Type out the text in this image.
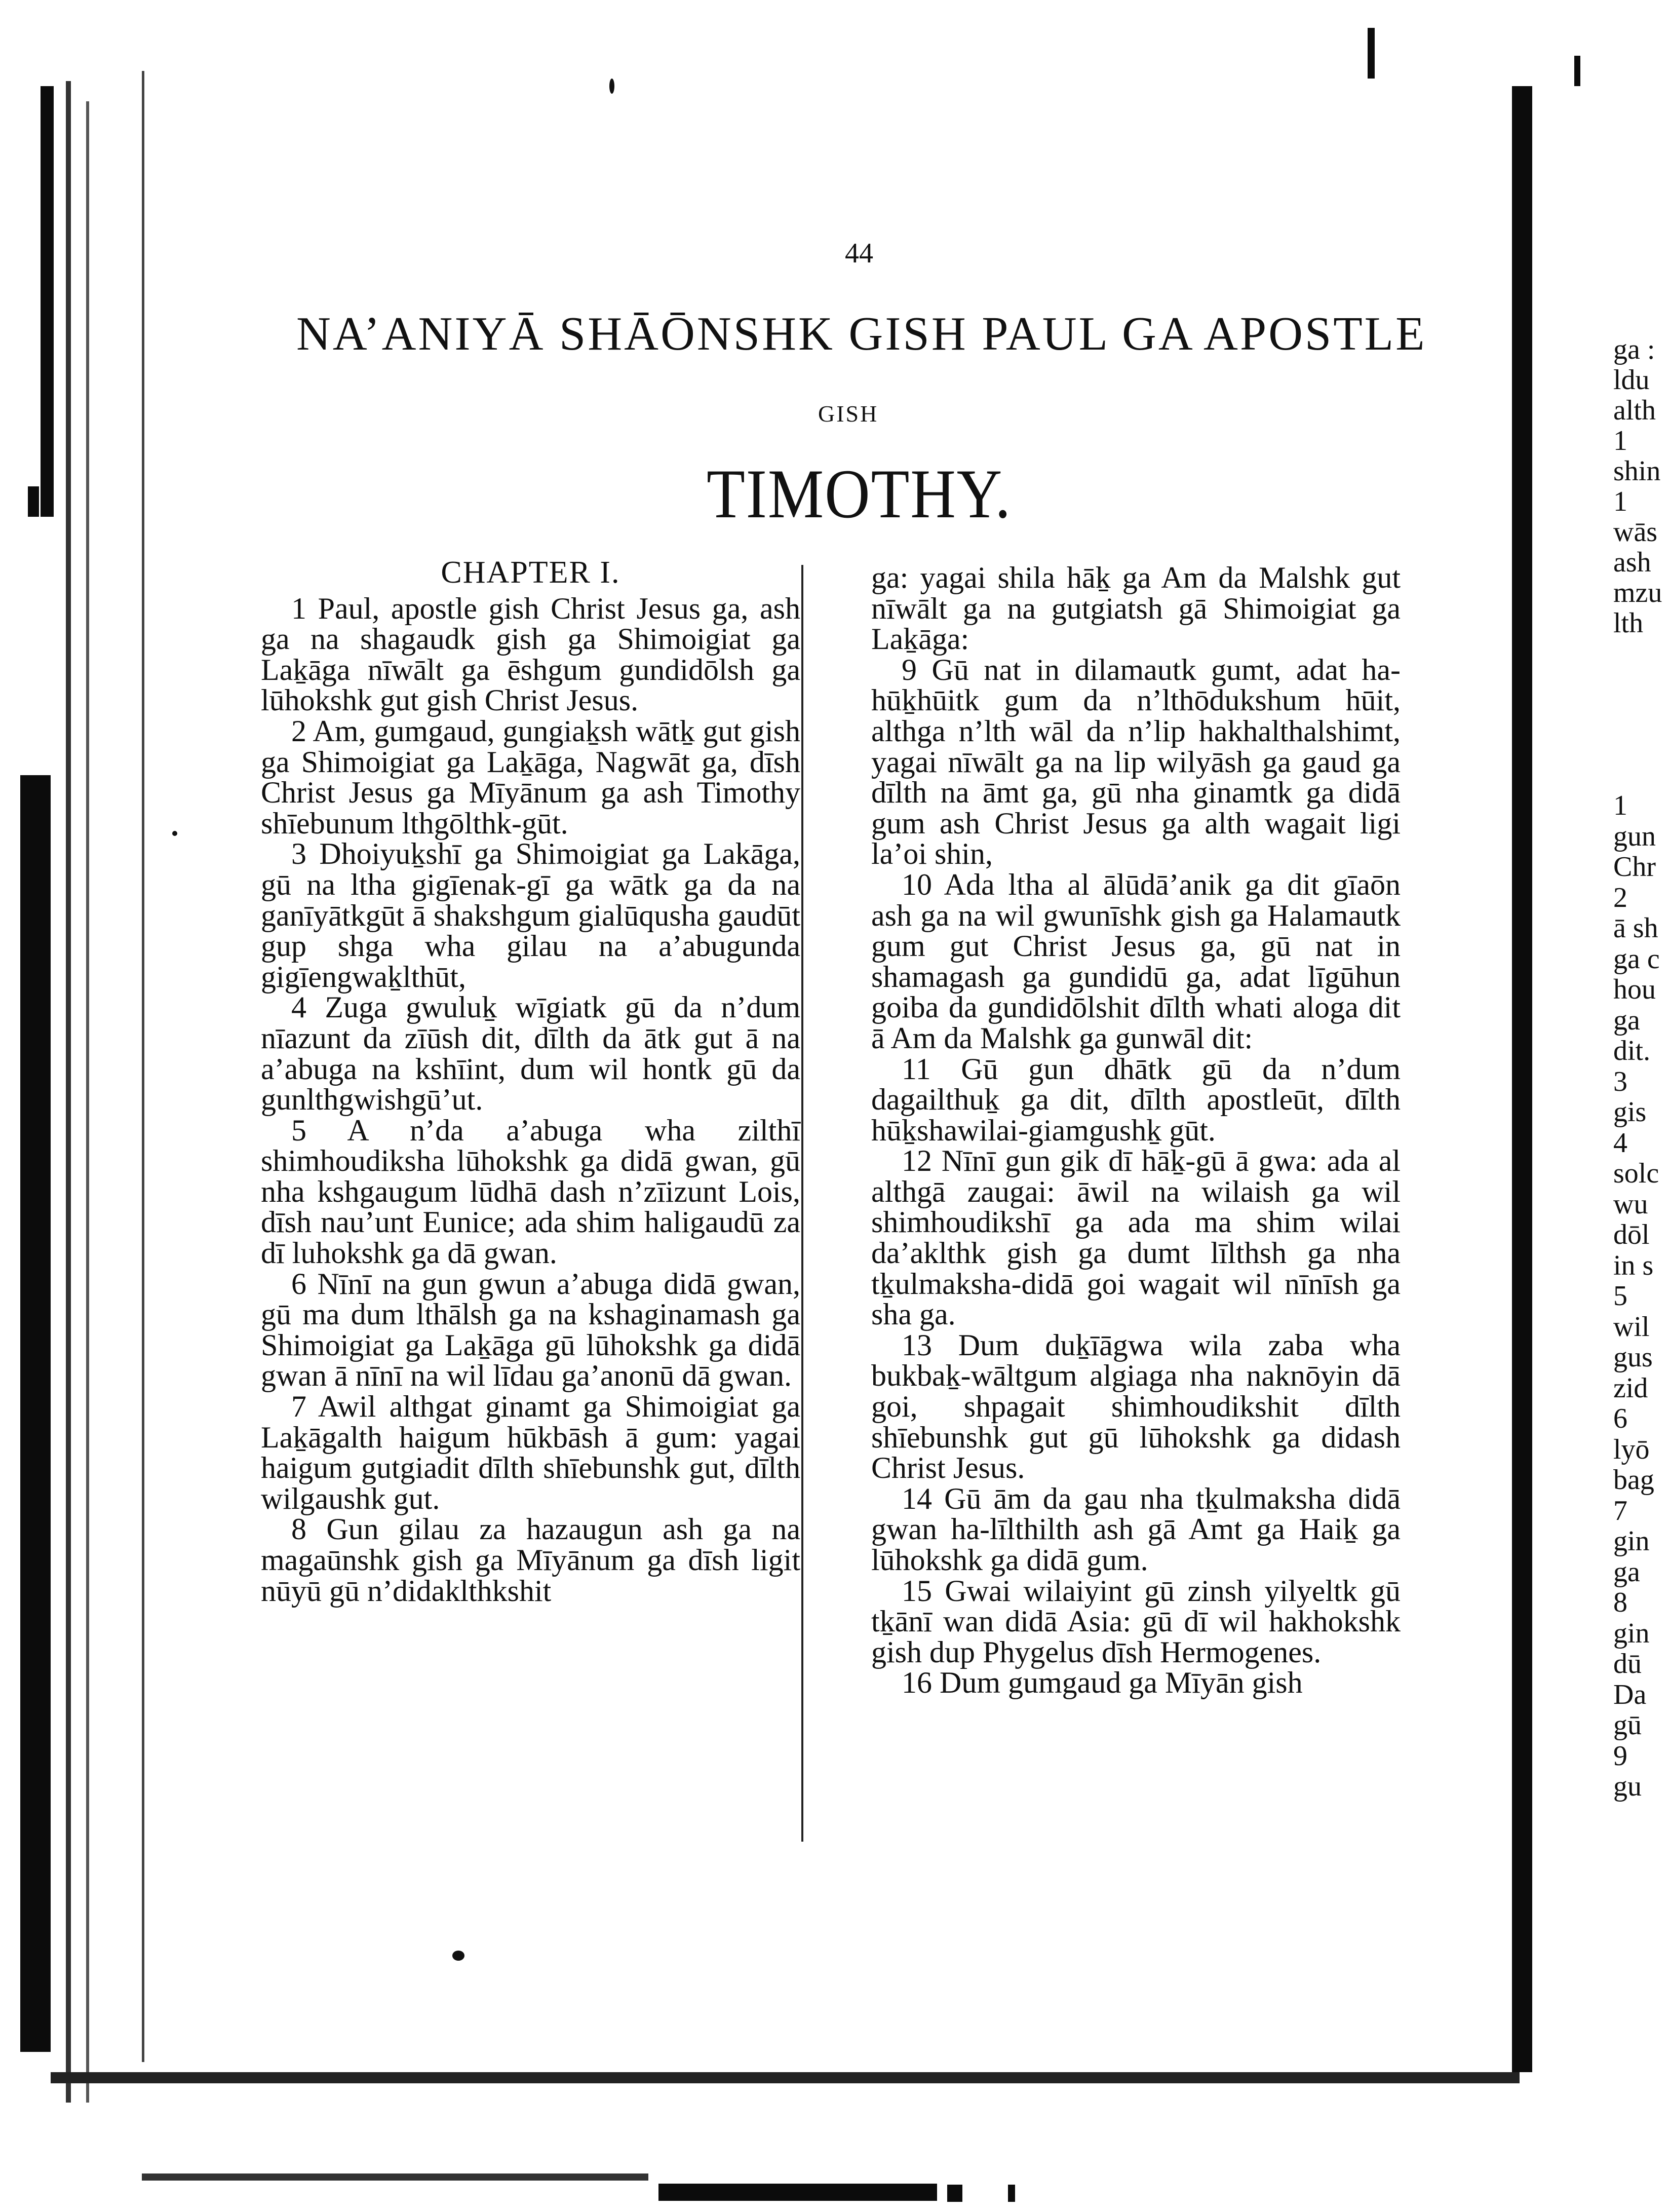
44
NA’ANIYĀ SHĀŌNSHK GISH PAUL GA APOSTLE
GISH
TIMOTHY.
CHAPTER I.

1 Paul, apostle gish Christ Jesus ga, ash ga na shagaudk gish ga Shimoigiat ga Laḵāga nīwālt ga ēshgum gundidōlsh ga lūhokshk gut gish Christ Jesus.

2 Am, gumgaud, gungiaḵsh wātḵ gut gish ga Shimoigiat ga Laḵāga, Nagwāt ga, dīsh Christ Jesus ga Mīyānum ga ash Timothy shīebunum lthgōlthk-gūt.

3 Dhoiyuḵshī ga Shimoigiat ga Lakāga, gū na ltha gigīenak-gī ga wātk ga da na ganīyātkgūt ā shakshgum gialūqusha gaudūt gup shga wha gilau na a’abugunda gigīengwaḵlthūt,

4 Zuga gwuluḵ wīgiatk gū da n’dum nīazunt da zīūsh dit, dīlth da ātk gut ā na a’abuga na kshīint, dum wil hontk gū da gunlthgwishgū’ut.

5 A n’da a’abuga wha zilthī shimhoudiksha lūhokshk ga didā gwan, gū nha kshgaugum lūdhā dash n’zīizunt Lois, dīsh nau’unt Eunice; ada shim haligaudū za dī luhokshk ga dā gwan.

6 Nīnī na gun gwun a’abuga didā gwan, gū ma dum lthālsh ga na kshaginamash ga Shimoigiat ga Laḵāga gū lūhokshk ga didā gwan ā nīnī na wil līdau ga’anonū dā gwan.

7 Awil althgat ginamt ga Shimoigiat ga Laḵāgalth haigum hūkbāsh ā gum: yagai haigum gutgiadit dīlth shīebunshk gut, dīlth wilgaushk gut.

8 Gun gilau za hazaugun ash ga na magaūnshk gish ga Mīyānum ga dīsh ligit nūyū gū n’didaklthkshit

ga: yagai shila hāḵ ga Am da Malshk gut nīwālt ga na gutgiatsh gā Shimoigiat ga Laḵāga:

9 Gū nat in dilamautk gumt, adat ha-hūḵhūitk gum da n’lthōdukshum hūit, althga n’lth wāl da n’lip hakhalthalshimt, yagai nīwālt ga na lip wilyāsh ga gaud ga dīlth na āmt ga, gū nha ginamtk ga didā gum ash Christ Jesus ga alth wagait ligi la’oi shin,

10 Ada ltha al ālūdā’anik ga dit gīaōn ash ga na wil gwunīshk gish ga Halamautk gum gut Christ Jesus ga, gū nat in shamagash ga gundidū ga, adat līgūhun goiba da gundidōlshit dīlth whati aloga dit ā Am da Malshk ga gunwāl dit:

11 Gū gun dhātk gū da n’dum dagailthuḵ ga dit, dīlth apostleūt, dīlth hūḵshawilai-giamgushḵ gūt.

12 Nīnī gun gik dī hāḵ-gū ā gwa: ada al althgā zaugai: āwil na wilaish ga wil shimhoudikshī ga ada ma shim wilai da’aklthk gish ga dumt līlthsh ga nha tḵulmaksha-didā goi wagait wil nīnīsh ga sha ga.

13 Dum duḵīāgwa wila zaba wha bukbaḵ-wāltgum algiaga nha naknōyin dā goi, shpagait shimhoudikshit dīlth shīebunshk gut gū lūhokshk ga didash Christ Jesus.

14 Gū ām da gau nha tḵulmaksha didā gwan ha-līlthilth ash gā Amt ga Haiḵ ga lūhokshk ga didā gum.

15 Gwai wilaiyint gū zinsh yilyeltk gū tḵānī wan didā Asia: gū dī wil hakhokshk gish dup Phygelus dīsh Hermogenes.

16 Dum gumgaud ga Mīyān gish

ga :
ldu
alth
1
shin
1
wās
ash
mzu
lth
1
gun
Chr
2
ā sh
ga c
hou
ga
dit.
3
gis
4
solc
wu
dōl
in s
5
wil
gus
zid
6
lyō
bag
7
gin
ga
8
gin
dū
Da
gū
9
gu
